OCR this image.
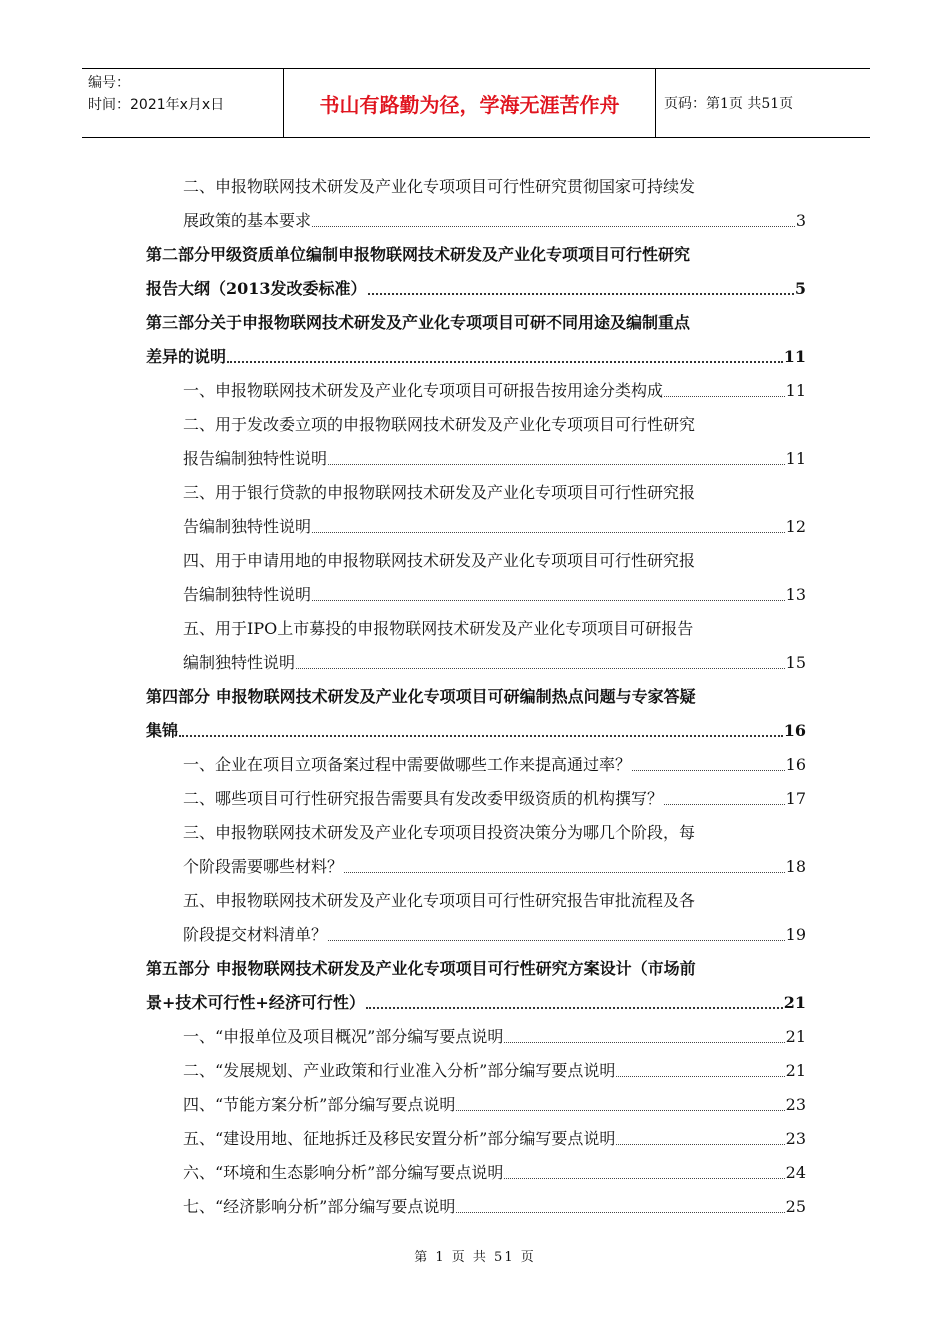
编号：
时间：2021年x月x日	书山有路勤为径，学海无涯苦作舟	页码：第1页 共51页
二、申报物联网技术研发及产业化专项项目可行性研究贯彻国家可持续发
展政策的基本要求	3
第二部分甲级资质单位编制申报物联网技术研发及产业化专项项目可行性研究
报告大纲（2013发改委标准）	5
第三部分关于申报物联网技术研发及产业化专项项目可研不同用途及编制重点
差异的说明	11
一、申报物联网技术研发及产业化专项项目可研报告按用途分类构成	11
二、用于发改委立项的申报物联网技术研发及产业化专项项目可行性研究
报告编制独特性说明	11
三、用于银行贷款的申报物联网技术研发及产业化专项项目可行性研究报
告编制独特性说明	12
四、用于申请用地的申报物联网技术研发及产业化专项项目可行性研究报
告编制独特性说明	13
五、用于IPO上市募投的申报物联网技术研发及产业化专项项目可研报告
编制独特性说明	15
第四部分 申报物联网技术研发及产业化专项项目可研编制热点问题与专家答疑
集锦	16
一、企业在项目立项备案过程中需要做哪些工作来提高通过率？	16
二、哪些项目可行性研究报告需要具有发改委甲级资质的机构撰写？	17
三、申报物联网技术研发及产业化专项项目投资决策分为哪几个阶段，每
个阶段需要哪些材料？	18
五、申报物联网技术研发及产业化专项项目可行性研究报告审批流程及各
阶段提交材料清单？	19
第五部分 申报物联网技术研发及产业化专项项目可行性研究方案设计（市场前
景+技术可行性+经济可行性）	21
一、“申报单位及项目概况”部分编写要点说明	21
二、“发展规划、产业政策和行业准入分析”部分编写要点说明	21
四、“节能方案分析”部分编写要点说明	23
五、“建设用地、征地拆迁及移民安置分析”部分编写要点说明	23
六、“环境和生态影响分析”部分编写要点说明	24
七、“经济影响分析”部分编写要点说明	25
第 1 页 共 51 页
